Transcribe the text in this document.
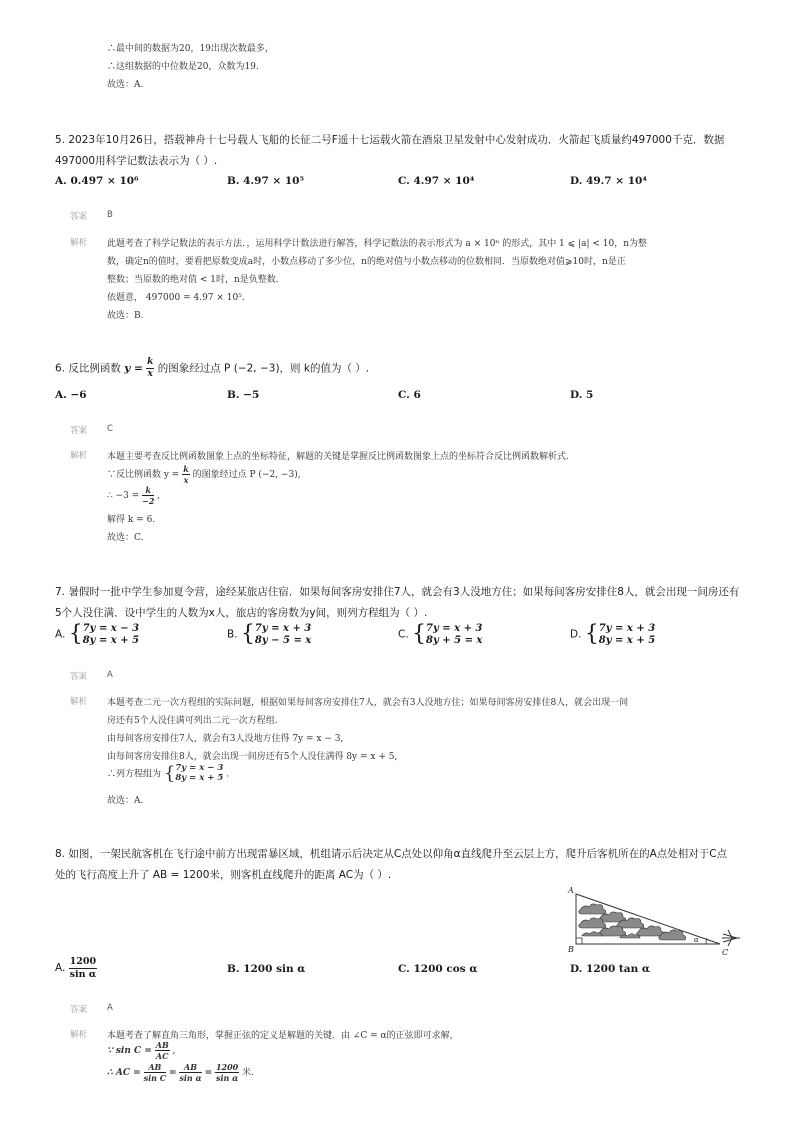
∴最中间的数据为20，19出现次数最多，
∴这组数据的中位数是20，众数为19.
故选：A.
5. 2023年10月26日，搭载神舟十七号载人飞船的长征二号F遥十七运载火箭在酒泉卫星发射中心发射成功．火箭起飞质量约497000千克．数据
497000用科学记数法表示为（ ）.
A. 0.497 × 10⁶	B. 4.97 × 10⁵	C. 4.97 × 10⁴	D. 49.7 × 10⁴
答案 B
解析 此题考查了科学记数法的表示方法．，运用科学计数法进行解答，科学记数法的表示形式为 a × 10ⁿ 的形式，其中 1 ⩽ |a| < 10，n为整
数，确定n的值时，要看把原数变成a时，小数点移动了多少位，n的绝对值与小数点移动的位数相同．当原数绝对值⩾10时，n是正
整数；当原数的绝对值 < 1时，n是负整数．
依题意， 497000 = 4.97 × 10⁵．
故选：B.
6. 反比例函数 $y = \frac{k}{x}$ 的图象经过点 P (−2, −3)，则 k的值为（ ）.
A. −6	B. −5	C. 6	D. 5
答案 C
解析 本题主要考查反比例函数图象上点的坐标特征，解题的关键是掌握反比例函数图象上点的坐标符合反比例函数解析式.
∵反比例函数 $y = \frac{k}{x}$ 的图象经过点 P (−2, −3),
∴ $-3 = \frac{k}{-2}$ ,
解得 k = 6.
故选：C.
7. 暑假时一批中学生参加夏令营，途经某旅店住宿．如果每间客房安排住7人，就会有3人没地方住；如果每间客房安排住8人，就会出现一间房还有
5个人没住满．设中学生的人数为x人，旅店的客房数为y间，则列方程组为（ ）.
A. { 7y = x − 3
8y = x + 5	B. { 7y = x + 3
8y − 5 = x	C. { 7y = x + 3
8y + 5 = x	D. { 7y = x + 3
8y = x + 5
答案 A
解析 本题考查二元一次方程组的实际问题，根据如果每间客房安排住7人，就会有3人没地方住；如果每间客房安排住8人，就会出现一间
房还有5个人没住满可列出二元一次方程组.
由每间客房安排住7人，就会有3人没地方住得 7y = x − 3,
由每间客房安排住8人，就会出现一间房还有5个人没住满得 8y = x + 5,
∴列方程组为 { 7y = x − 3
8y = x + 5 .
故选：A.
8. 如图，一架民航客机在飞行途中前方出现雷暴区域，机组请示后决定从C点处以仰角α直线爬升至云层上方，爬升后客机所在的A点处相对于C点
处的飞行高度上升了 AB = 1200米，则客机直线爬升的距离 AC为（ ）.
A
B	C
α
A. $\frac{1200}{\text{sin α}}$	B. 1200 sin α	C. 1200 cos α	D. 1200 tan α
答案 A
解析 本题考查了解直角三角形，掌握正弦的定义是解题的关键．由 ∠C = α的正弦即可求解，
∵ $\sin C = \frac{AB}{AC}$ ,
∴ AC = $\frac{AB}{\text{sin C}} = \frac{AB}{\text{sin α}} = \frac{1200}{\text{sin α}}$ 米.
